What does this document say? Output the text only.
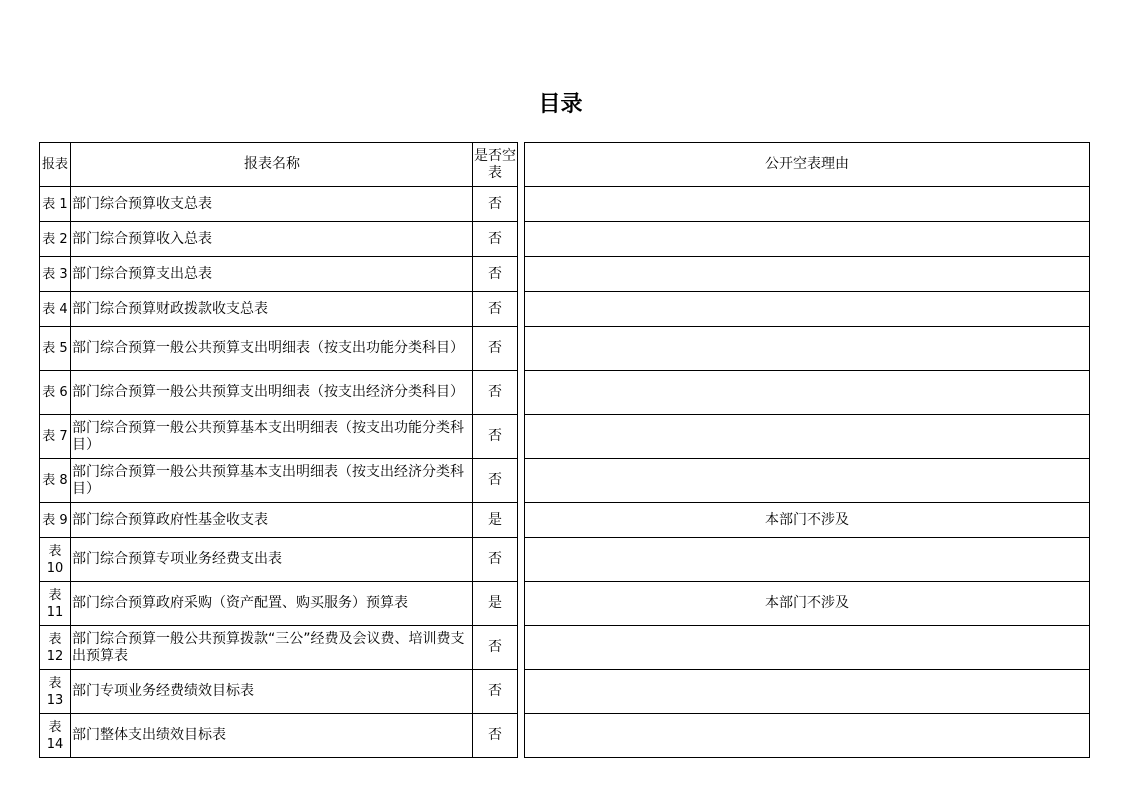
目录
报表	报表名称	是否空表		公开空表理由
表 1	部门综合预算收支总表	否		
表 2	部门综合预算收入总表	否		
表 3	部门综合预算支出总表	否		
表 4	部门综合预算财政拨款收支总表	否		
表 5	部门综合预算一般公共预算支出明细表（按支出功能分类科目）	否		
表 6	部门综合预算一般公共预算支出明细表（按支出经济分类科目）	否		
表 7	部门综合预算一般公共预算基本支出明细表（按支出功能分类科目）	否		
表 8	部门综合预算一般公共预算基本支出明细表（按支出经济分类科目）	否		
表 9	部门综合预算政府性基金收支表	是		本部门不涉及
表 10	部门综合预算专项业务经费支出表	否		
表 11	部门综合预算政府采购（资产配置、购买服务）预算表	是		本部门不涉及
表 12	部门综合预算一般公共预算拨款“三公”经费及会议费、培训费支出预算表	否		
表 13	部门专项业务经费绩效目标表	否		
表 14	部门整体支出绩效目标表	否		
